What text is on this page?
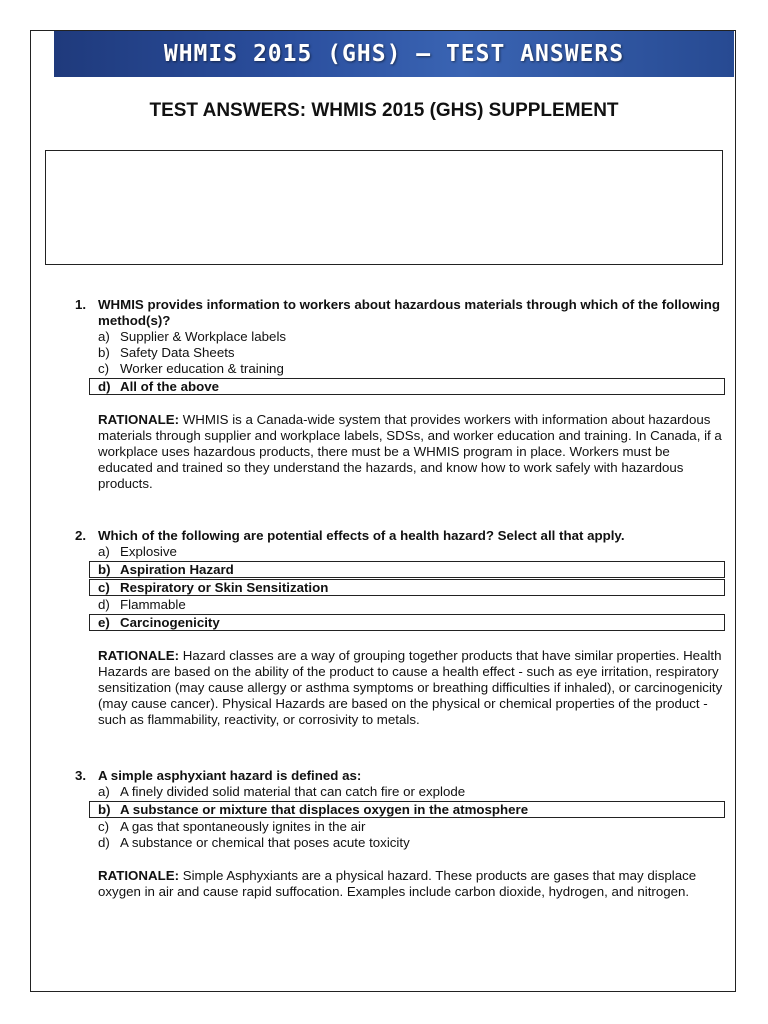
WHMIS 2015 (GHS) – TEST ANSWERS
TEST ANSWERS: WHMIS 2015 (GHS) SUPPLEMENT
1. WHMIS provides information to workers about hazardous materials through which of the following method(s)?
a) Supplier & Workplace labels
b) Safety Data Sheets
c) Worker education & training
d) All of the above
RATIONALE: WHMIS is a Canada-wide system that provides workers with information about hazardous materials through supplier and workplace labels, SDSs, and worker education and training. In Canada, if a workplace uses hazardous products, there must be a WHMIS program in place. Workers must be educated and trained so they understand the hazards, and know how to work safely with hazardous products.
2. Which of the following are potential effects of a health hazard? Select all that apply.
a) Explosive
b) Aspiration Hazard
c) Respiratory or Skin Sensitization
d) Flammable
e) Carcinogenicity
RATIONALE: Hazard classes are a way of grouping together products that have similar properties. Health Hazards are based on the ability of the product to cause a health effect - such as eye irritation, respiratory sensitization (may cause allergy or asthma symptoms or breathing difficulties if inhaled), or carcinogenicity (may cause cancer). Physical Hazards are based on the physical or chemical properties of the product - such as flammability, reactivity, or corrosivity to metals.
3. A simple asphyxiant hazard is defined as:
a) A finely divided solid material that can catch fire or explode
b) A substance or mixture that displaces oxygen in the atmosphere
c) A gas that spontaneously ignites in the air
d) A substance or chemical that poses acute toxicity
RATIONALE: Simple Asphyxiants are a physical hazard. These products are gases that may displace oxygen in air and cause rapid suffocation. Examples include carbon dioxide, hydrogen, and nitrogen.
